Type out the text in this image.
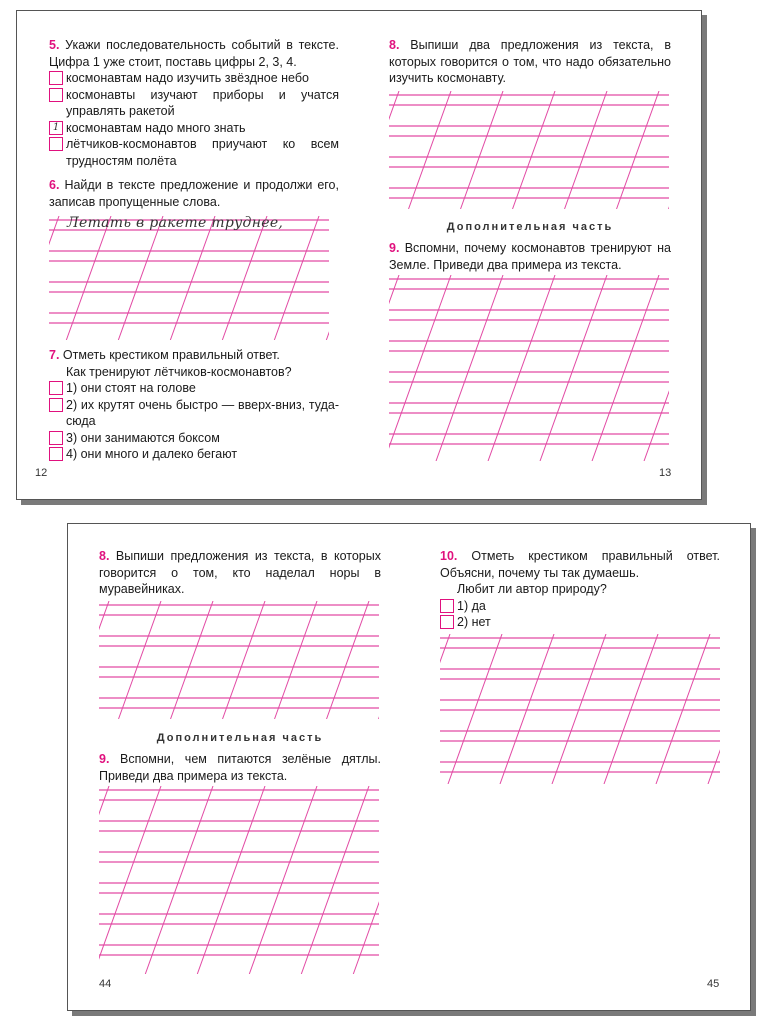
5. Укажи последовательность событий в тексте. Цифра 1 уже стоит, поставь цифры 2, 3, 4.
космонавтам надо изучить звёздное небо
космонавты изучают приборы и учатся управлять ракетой
1 космонавтам надо много знать
лётчиков-космонавтов приучают ко всем трудностям полёта
6. Найди в тексте предложение и продолжи его, записав пропущенные слова.
Летать в ракете труднее,
7. Отметь крестиком правильный ответ.
Как тренируют лётчиков-космонавтов?
1) они стоят на голове
2) их крутят очень быстро — вверх-вниз, туда-сюда
3) они занимаются боксом
4) они много и далеко бегают
12
8. Выпиши два предложения из текста, в которых говорится о том, что надо обязательно изучить космонавту.
Дополнительная часть
9. Вспомни, почему космонавтов тренируют на Земле. Приведи два примера из текста.
13
8. Выпиши предложения из текста, в которых говорится о том, кто наделал норы в муравейниках.
Дополнительная часть
9. Вспомни, чем питаются зелёные дятлы. Приведи два примера из текста.
44
10. Отметь крестиком правильный ответ. Объясни, почему ты так думаешь.
Любит ли автор природу?
1) да
2) нет
45
